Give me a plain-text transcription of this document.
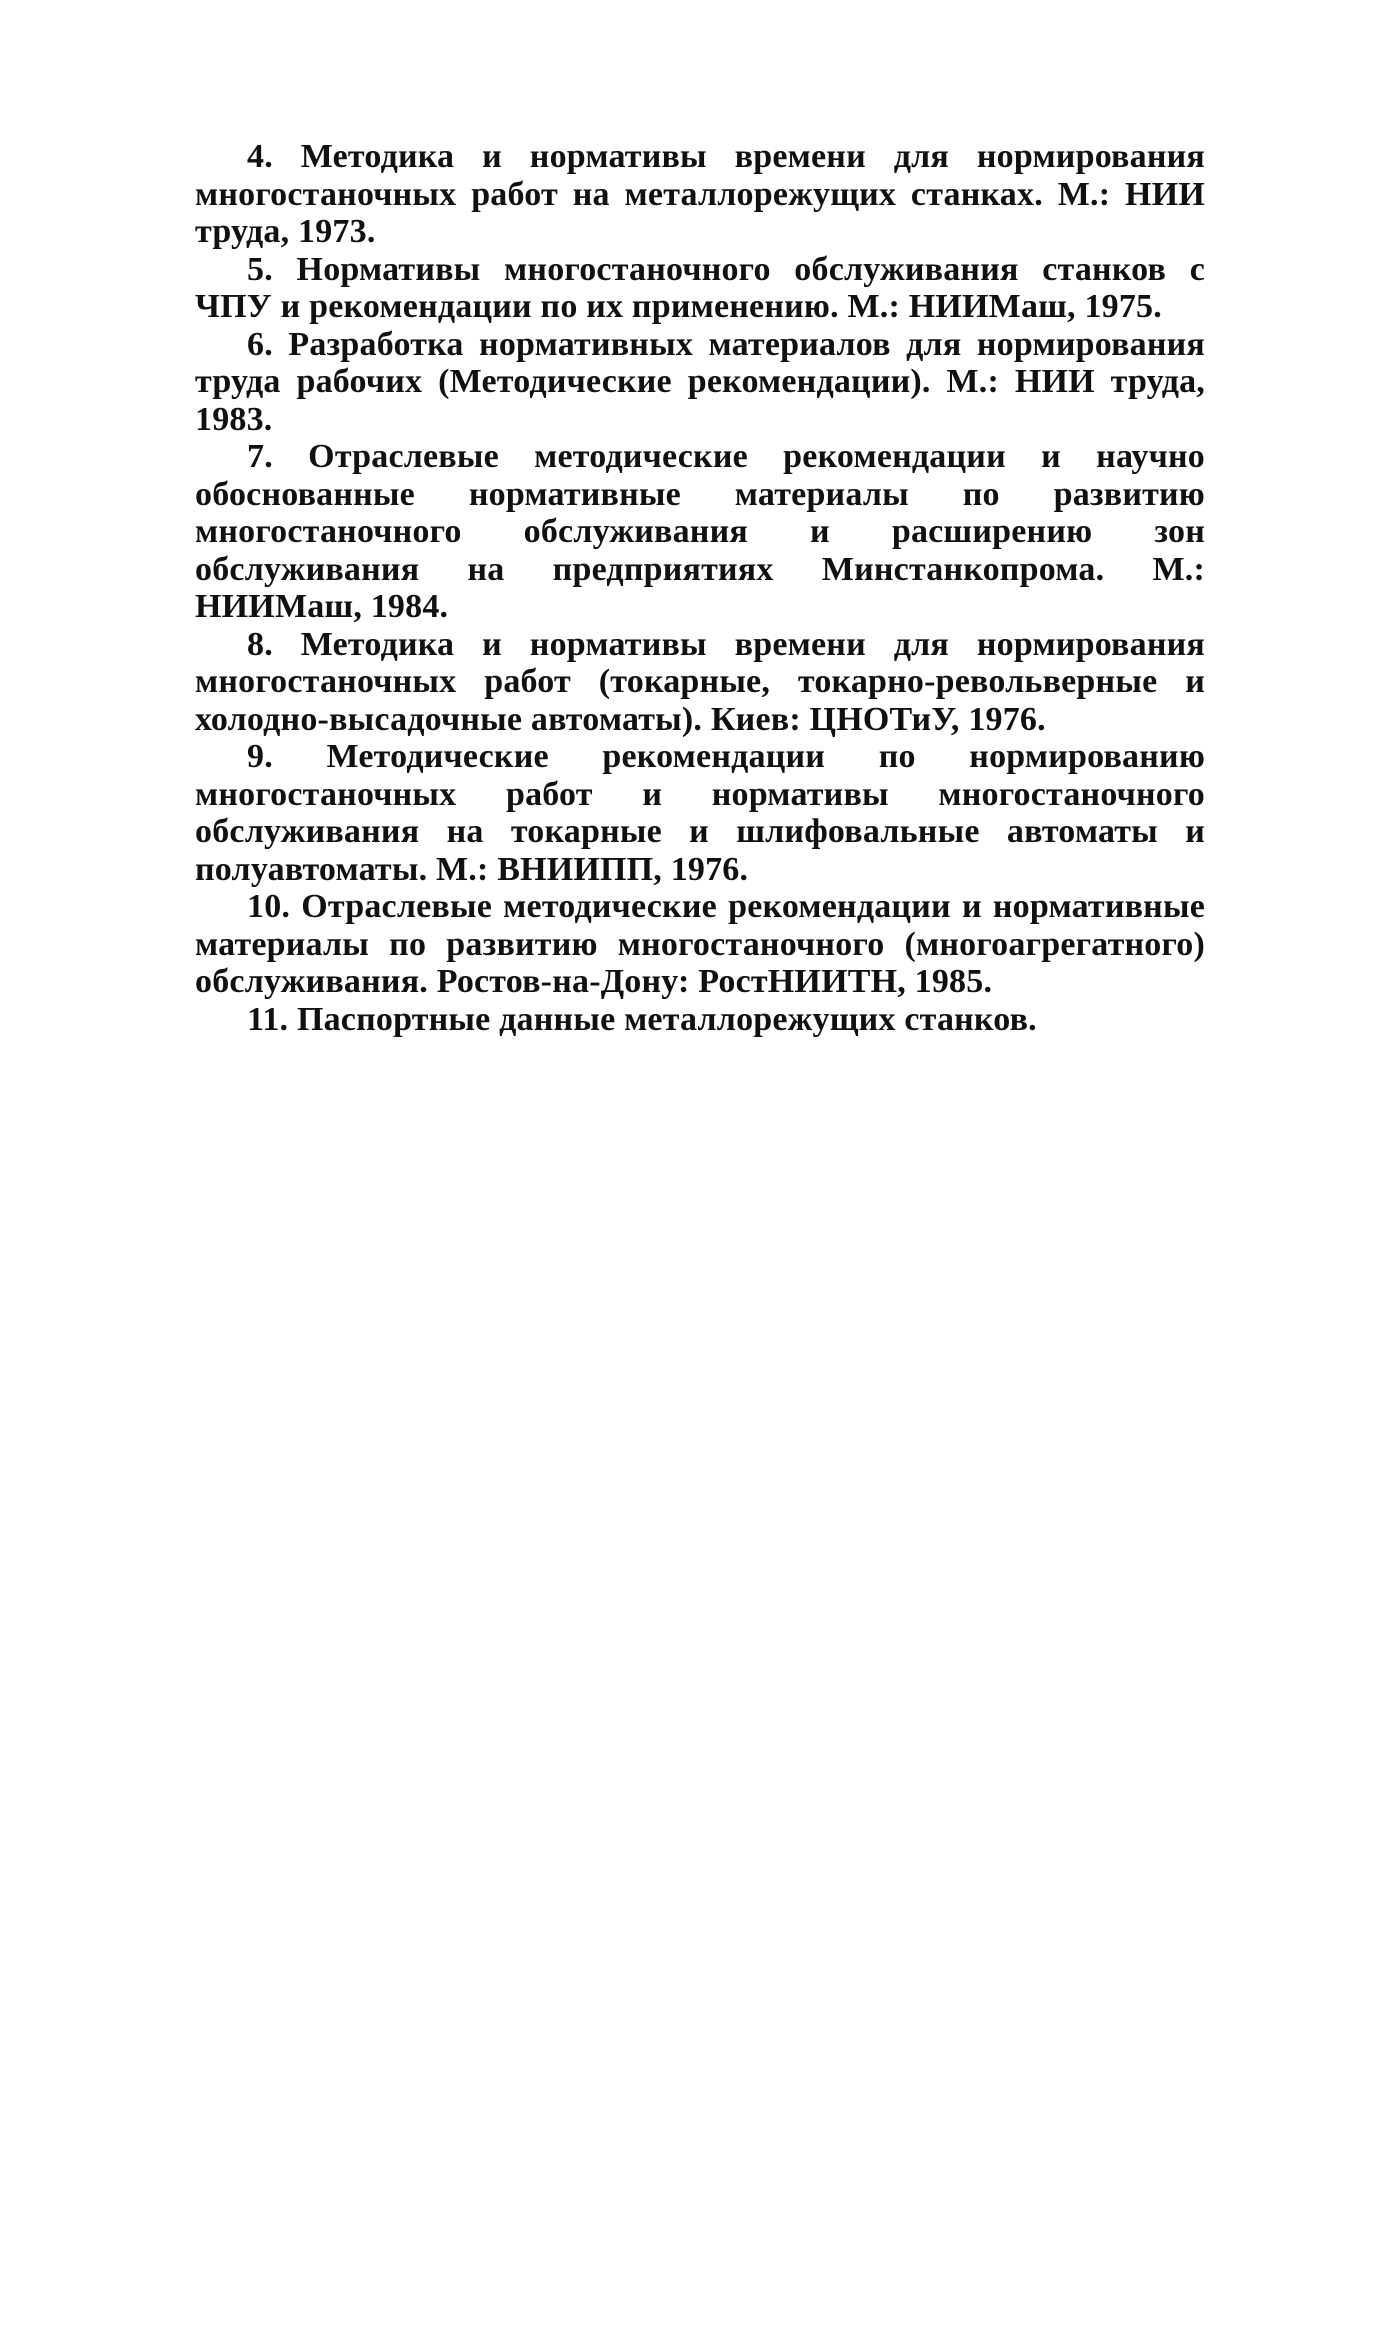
4. Методика и нормативы времени для нормирования многостаночных работ на металлорежущих станках. М.: НИИ труда, 1973.
5. Нормативы многостаночного обслуживания станков с ЧПУ и рекомендации по их применению. М.: НИИМаш, 1975.
6. Разработка нормативных материалов для нормирования труда рабочих (Методические рекомендации). М.: НИИ труда, 1983.
7. Отраслевые методические рекомендации и научно обоснованные нормативные материалы по развитию многостаночного обслуживания и расширению зон обслуживания на предприятиях Минстанкопрома. М.: НИИМаш, 1984.
8. Методика и нормативы времени для нормирования многостаночных работ (токарные, токарно-револьверные и холодно-высадочные автоматы). Киев: ЦНОТиУ, 1976.
9. Методические рекомендации по нормированию многостаночных работ и нормативы многостаночного обслуживания на токарные и шлифовальные автоматы и полуавтоматы. М.: ВНИИПП, 1976.
10. Отраслевые методические рекомендации и нормативные материалы по развитию многостаночного (многоагрегатного) обслуживания. Ростов-на-Дону: РостНИИТН, 1985.
11. Паспортные данные металлорежущих станков.
